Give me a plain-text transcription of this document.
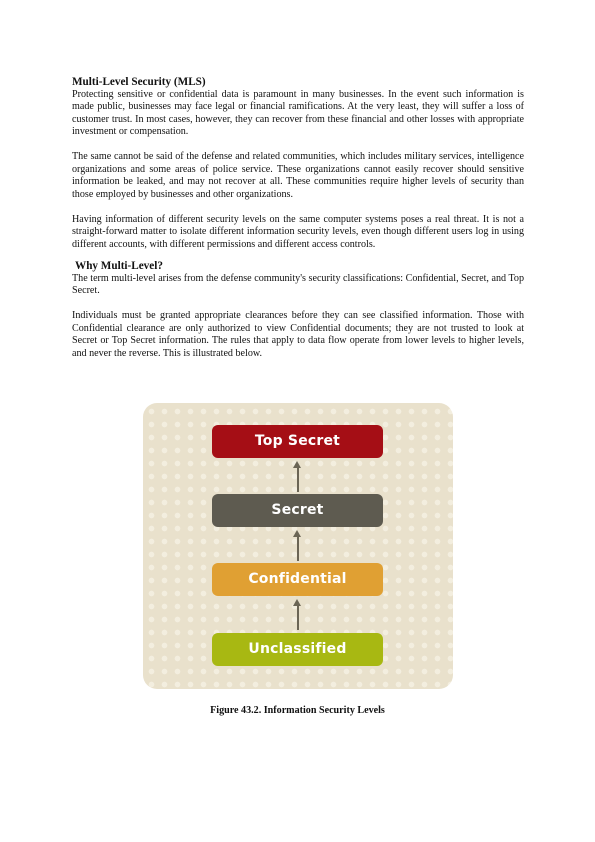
Multi-Level Security (MLS)

Protecting sensitive or confidential data is paramount in many businesses. In the event such information is made public, businesses may face legal or financial ramifications. At the very least, they will suffer a loss of customer trust. In most cases, however, they can recover from these financial and other losses with appropriate investment or compensation.

The same cannot be said of the defense and related communities, which includes military services, intelligence organizations and some areas of police service. These organizations cannot easily recover should sensitive information be leaked, and may not recover at all. These communities require higher levels of security than those employed by businesses and other organizations.

Having information of different security levels on the same computer systems poses a real threat. It is not a straight-forward matter to isolate different information security levels, even though different users log in using different accounts, with different permissions and different access controls.

Why Multi-Level?

The term multi-level arises from the defense community's security classifications: Confidential, Secret, and Top Secret.

Individuals must be granted appropriate clearances before they can see classified information. Those with Confidential clearance are only authorized to view Confidential documents; they are not trusted to look at Secret or Top Secret information. The rules that apply to data flow operate from lower levels to higher levels, and never the reverse. This is illustrated below.

Top Secret
Secret
Confidential
Unclassified
Figure 43.2. Information Security Levels
